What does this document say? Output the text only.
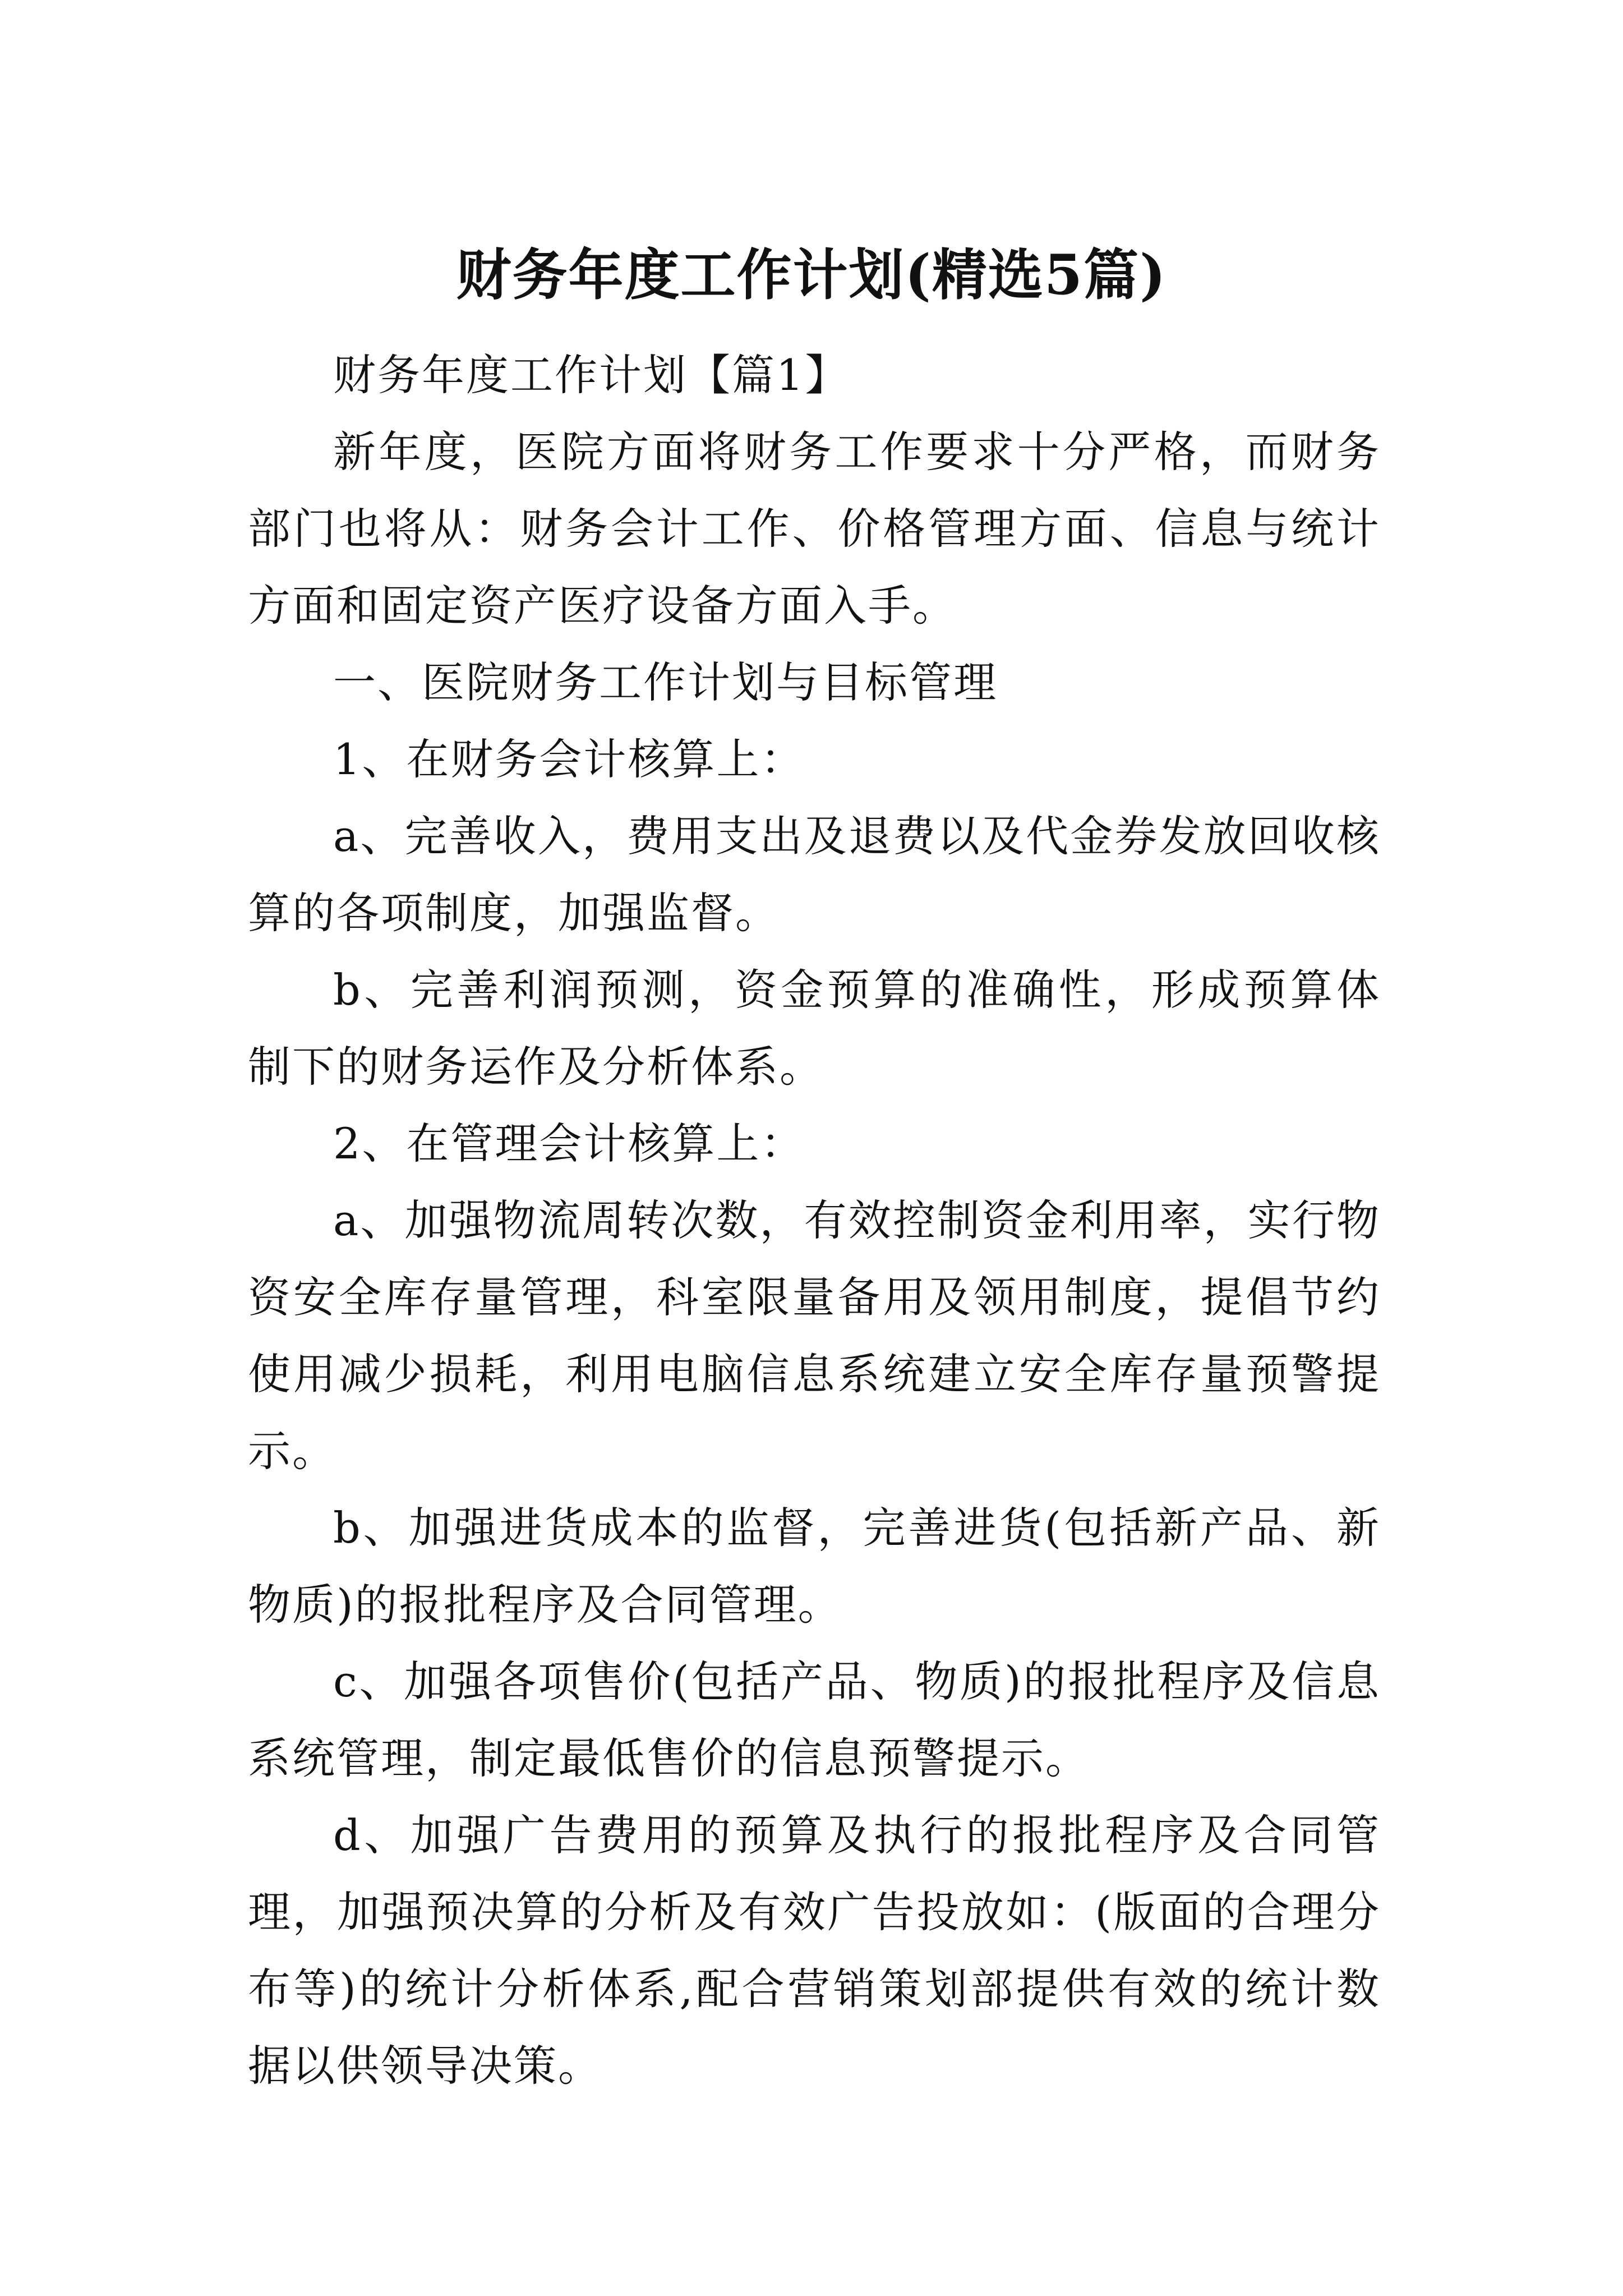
财务年度工作计划(精选5篇)

财务年度工作计划【篇1】

新年度，医院方面将财务工作要求十分严格，而财务部门也将从：财务会计工作、价格管理方面、信息与统计方面和固定资产医疗设备方面入手。

一、医院财务工作计划与目标管理

1、在财务会计核算上：

a、完善收入，费用支出及退费以及代金券发放回收核算的各项制度，加强监督。

b、完善利润预测，资金预算的准确性，形成预算体制下的财务运作及分析体系。

2、在管理会计核算上：

a、加强物流周转次数，有效控制资金利用率，实行物资安全库存量管理，科室限量备用及领用制度，提倡节约使用减少损耗，利用电脑信息系统建立安全库存量预警提示。

b、加强进货成本的监督，完善进货(包括新产品、新物质)的报批程序及合同管理。

c、加强各项售价(包括产品、物质)的报批程序及信息系统管理，制定最低售价的信息预警提示。

d、加强广告费用的预算及执行的报批程序及合同管理，加强预决算的分析及有效广告投放如：(版面的合理分布等)的统计分析体系,配合营销策划部提供有效的统计数据以供领导决策。
